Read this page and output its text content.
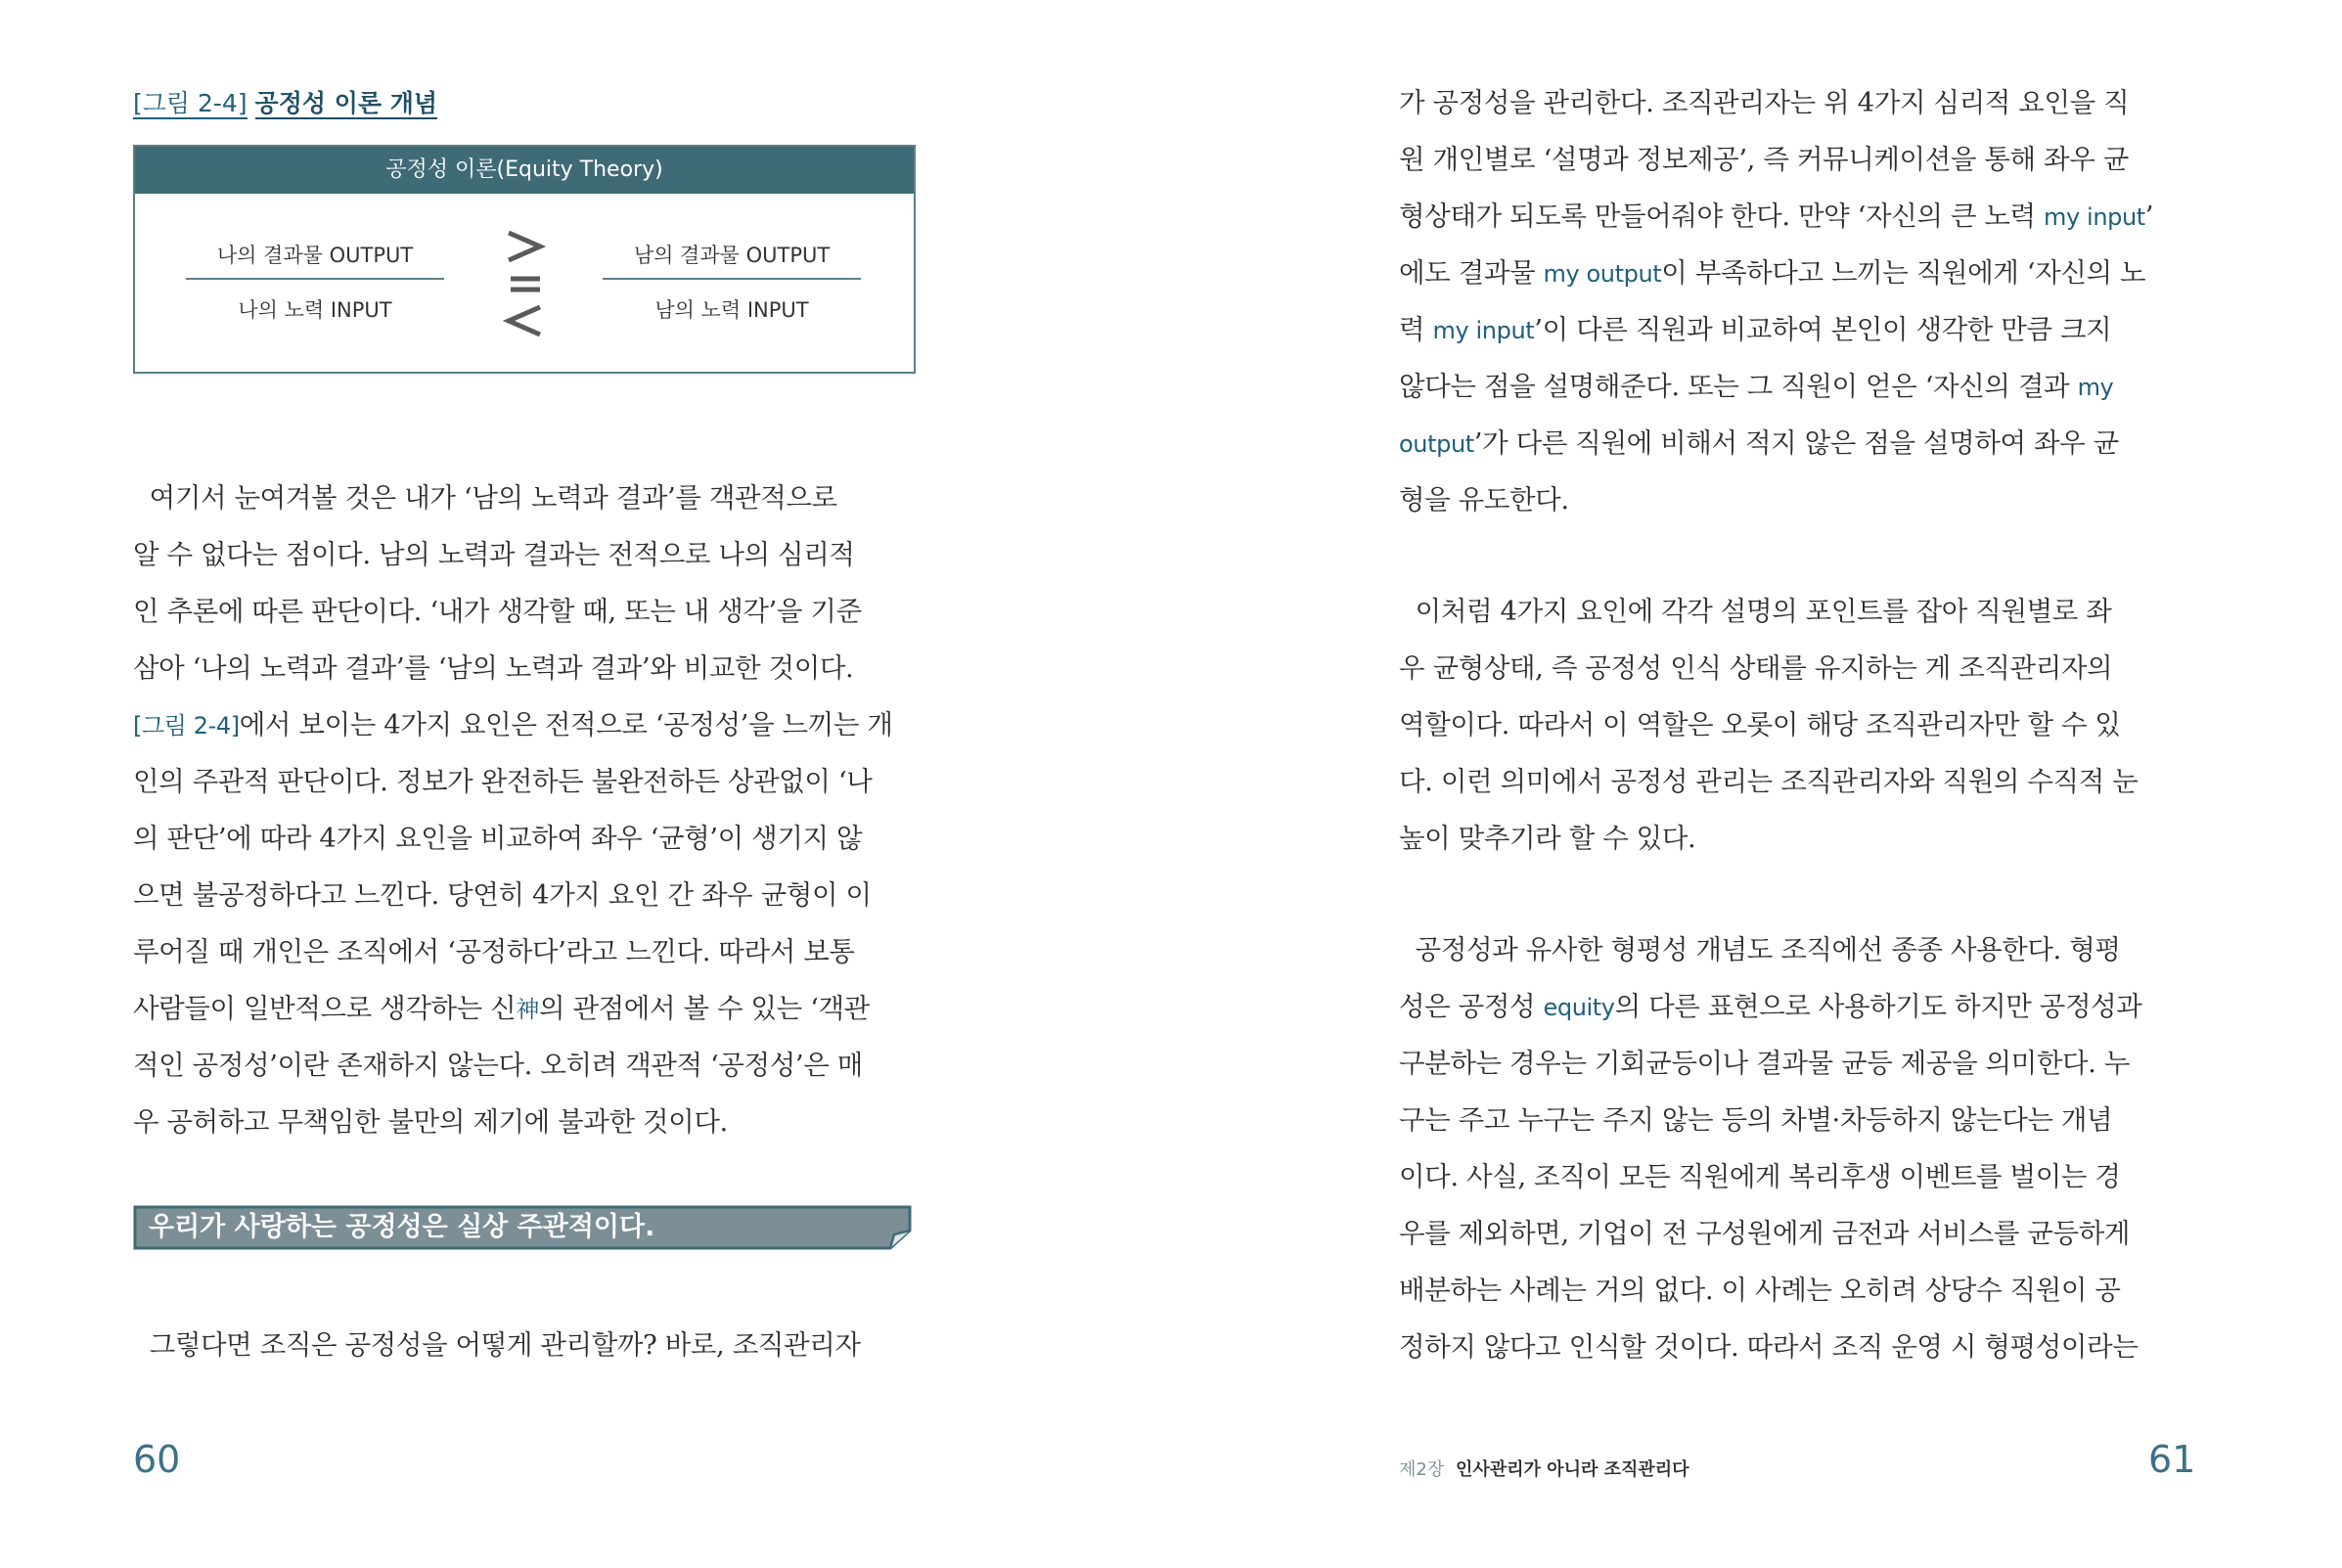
[그림 2-4] 공정성 이론 개념
공정성 이론(Equity Theory)
나의 결과물 OUTPUT
나의 노력 INPUT
남의 결과물 OUTPUT
남의 노력 INPUT
여기서 눈여겨볼 것은 내가 ‘남의 노력과 결과’를 객관적으로
알 수 없다는 점이다. 남의 노력과 결과는 전적으로 나의 심리적
인 추론에 따른 판단이다. ‘내가 생각할 때, 또는 내 생각’을 기준
삼아 ‘나의 노력과 결과’를 ‘남의 노력과 결과’와 비교한 것이다.
[그림 2-4]에서 보이는 4가지 요인은 전적으로 ‘공정성’을 느끼는 개
인의 주관적 판단이다. 정보가 완전하든 불완전하든 상관없이 ‘나
의 판단’에 따라 4가지 요인을 비교하여 좌우 ‘균형’이 생기지 않
으면 불공정하다고 느낀다. 당연히 4가지 요인 간 좌우 균형이 이
루어질 때 개인은 조직에서 ‘공정하다’라고 느낀다. 따라서 보통
사람들이 일반적으로 생각하는 신神의 관점에서 볼 수 있는 ‘객관
적인 공정성’이란 존재하지 않는다. 오히려 객관적 ‘공정성’은 매
우 공허하고 무책임한 불만의 제기에 불과한 것이다.
우리가 사랑하는 공정성은 실상 주관적이다.
그렇다면 조직은 공정성을 어떻게 관리할까? 바로, 조직관리자
60
가 공정성을 관리한다. 조직관리자는 위 4가지 심리적 요인을 직
원 개인별로 ‘설명과 정보제공’, 즉 커뮤니케이션을 통해 좌우 균
형상태가 되도록 만들어줘야 한다. 만약 ‘자신의 큰 노력 my input’
에도 결과물 my output이 부족하다고 느끼는 직원에게 ‘자신의 노
력 my input’이 다른 직원과 비교하여 본인이 생각한 만큼 크지
않다는 점을 설명해준다. 또는 그 직원이 얻은 ‘자신의 결과 my
output’가 다른 직원에 비해서 적지 않은 점을 설명하여 좌우 균
형을 유도한다.
이처럼 4가지 요인에 각각 설명의 포인트를 잡아 직원별로 좌
우 균형상태, 즉 공정성 인식 상태를 유지하는 게 조직관리자의
역할이다. 따라서 이 역할은 오롯이 해당 조직관리자만 할 수 있
다. 이런 의미에서 공정성 관리는 조직관리자와 직원의 수직적 눈
높이 맞추기라 할 수 있다.
공정성과 유사한 형평성 개념도 조직에선 종종 사용한다. 형평
성은 공정성 equity의 다른 표현으로 사용하기도 하지만 공정성과
구분하는 경우는 기회균등이나 결과물 균등 제공을 의미한다. 누
구는 주고 누구는 주지 않는 등의 차별·차등하지 않는다는 개념
이다. 사실, 조직이 모든 직원에게 복리후생 이벤트를 벌이는 경
우를 제외하면, 기업이 전 구성원에게 금전과 서비스를 균등하게
배분하는 사례는 거의 없다. 이 사례는 오히려 상당수 직원이 공
정하지 않다고 인식할 것이다. 따라서 조직 운영 시 형평성이라는
제2장 인사관리가 아니라 조직관리다	61
